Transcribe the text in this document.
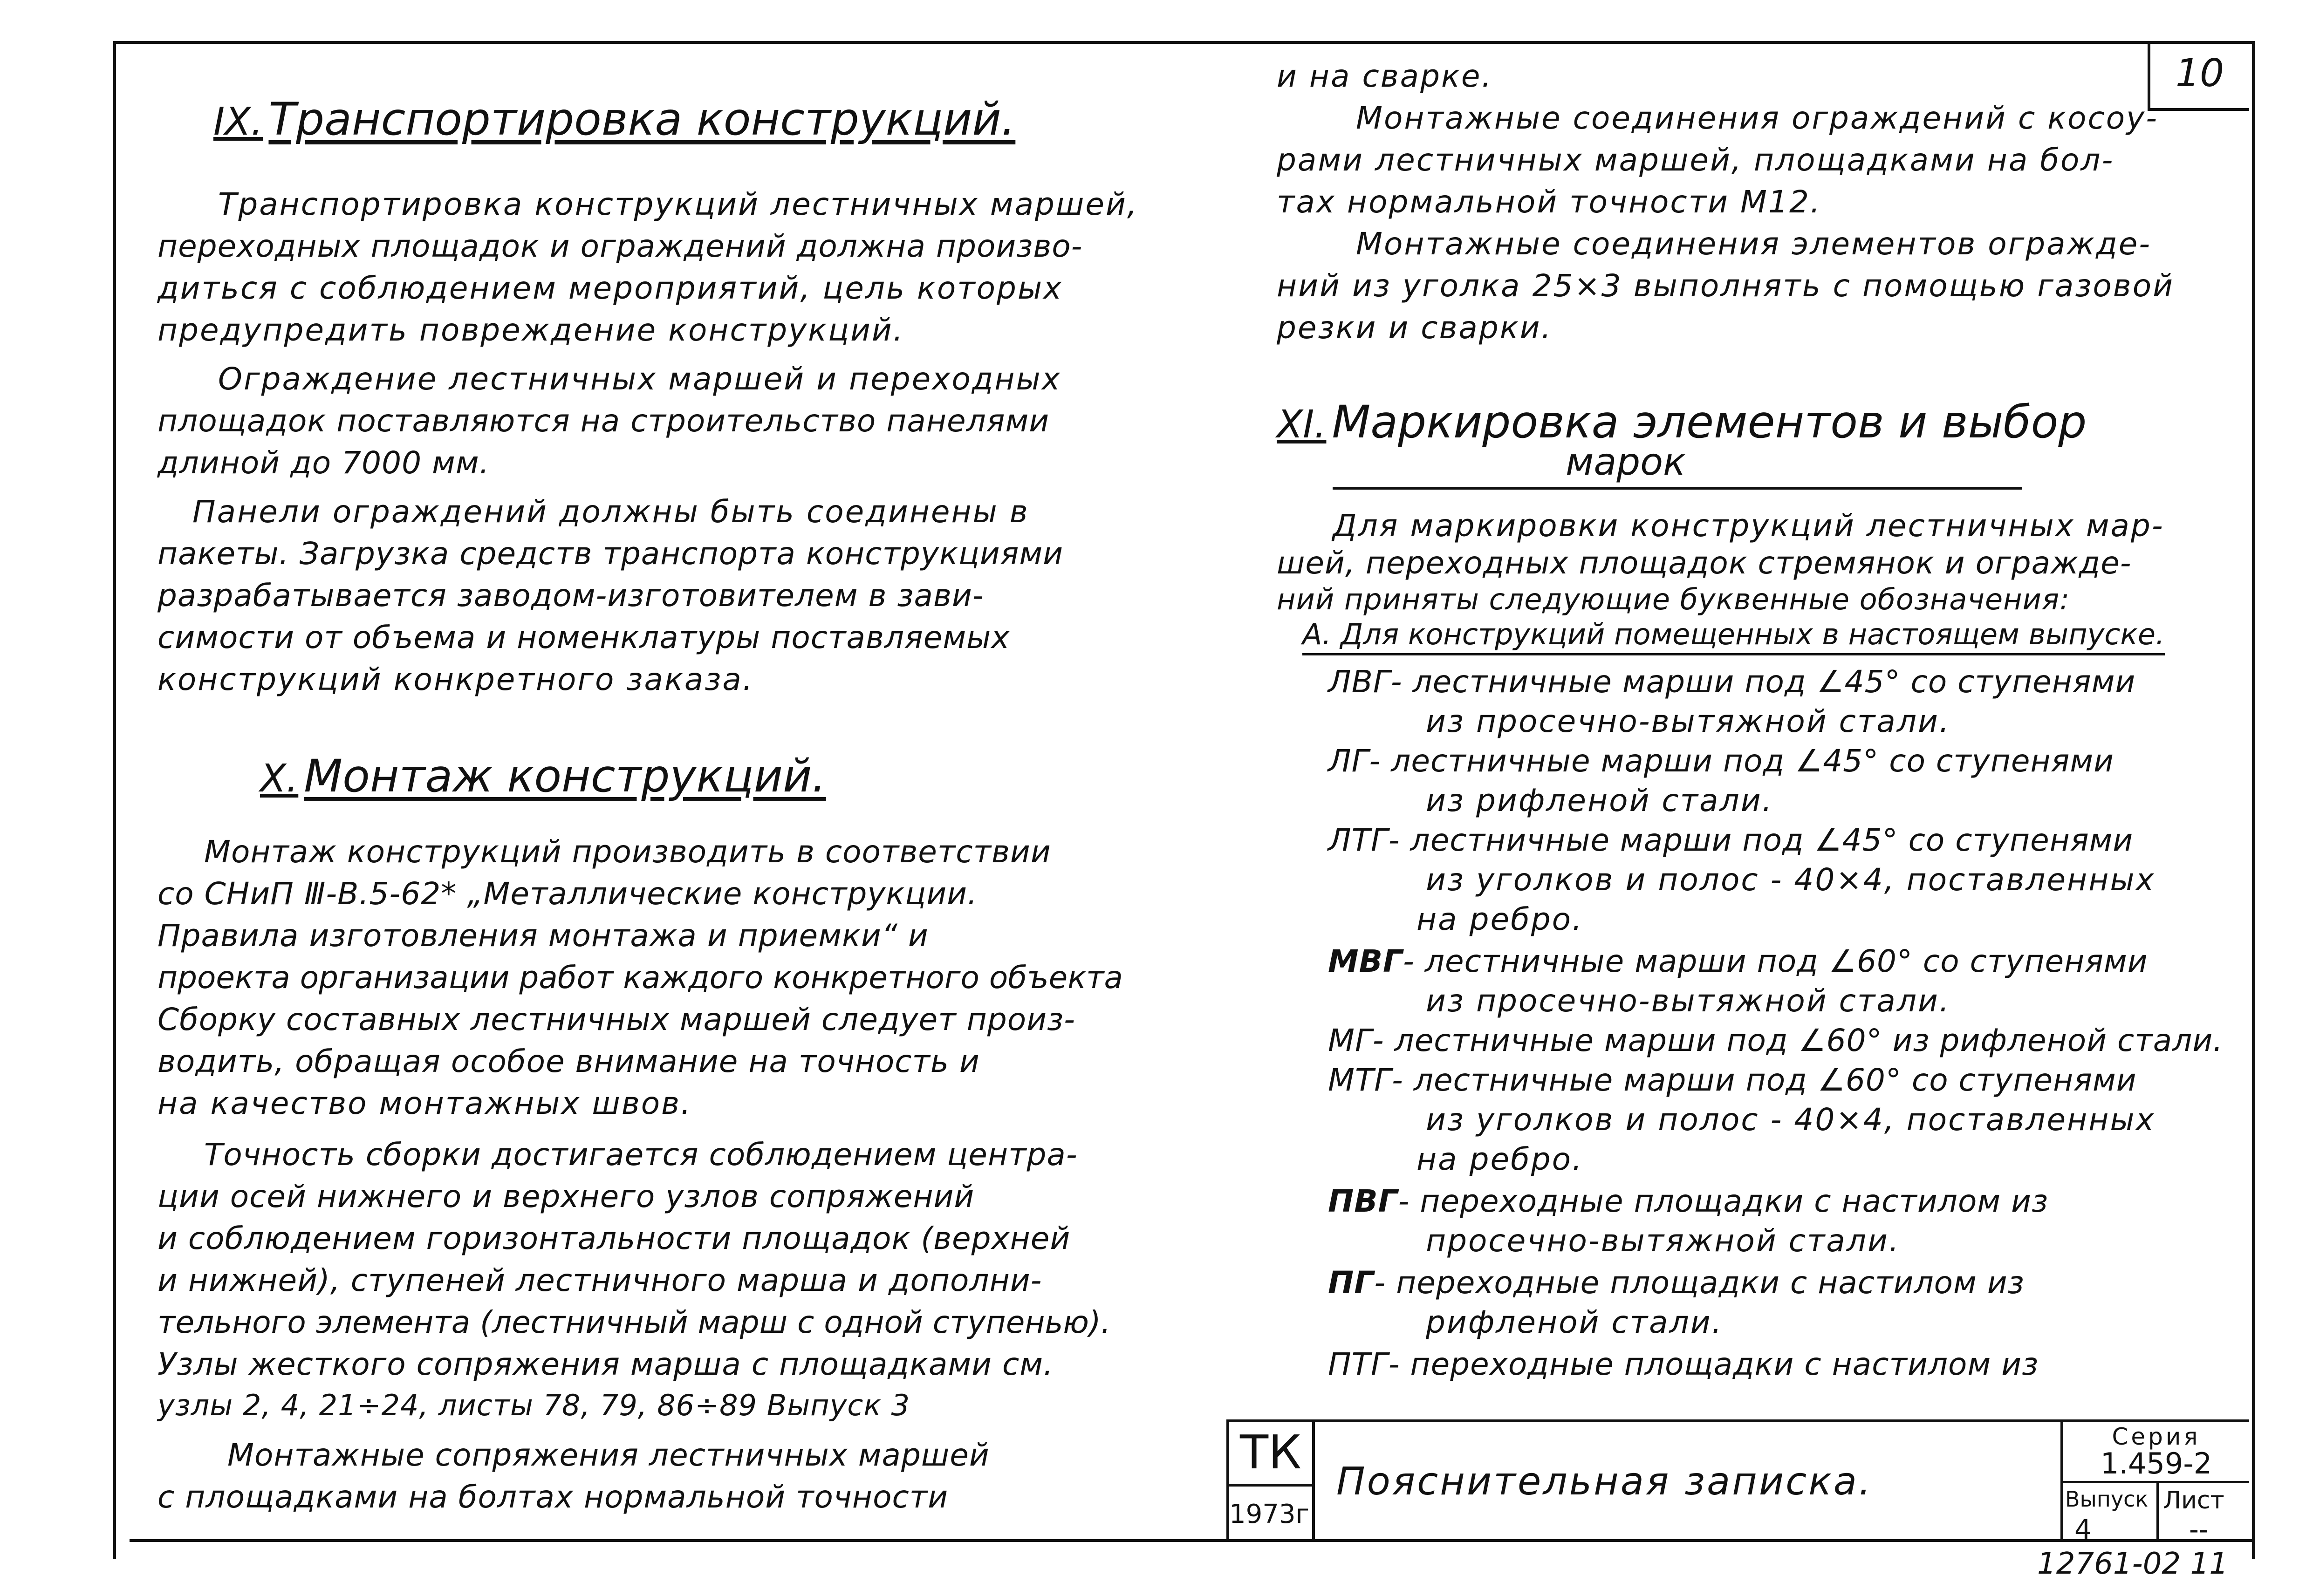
10
IX. Транспортировка конструкций.
Транспортировка конструкций лестничных маршей,
переходных площадок и ограждений должна произво-
диться с соблюдением мероприятий, цель которых
предупредить повреждение конструкций.
Ограждение лестничных маршей и переходных
площадок поставляются на строительство панелями
длиной до 7000 мм.
Панели ограждений должны быть соединены в
пакеты. Загрузка средств транспорта конструкциями
разрабатывается заводом-изготовителем в зави-
симости от объема и номенклатуры поставляемых
конструкций конкретного заказа.
X. Монтаж конструкций.
Монтаж конструкций производить в соответствии
со СНиП Ⅲ-В.5-62* „Металлические конструкции.
Правила изготовления монтажа и приемки“ и
проекта организации работ каждого конкретного объекта
Сборку составных лестничных маршей следует произ-
водить, обращая особое внимание на точность и
на качество монтажных швов.
Точность сборки достигается соблюдением центра-
ции осей нижнего и верхнего узлов сопряжений
и соблюдением горизонтальности площадок (верхней
и нижней), ступеней лестничного марша и дополни-
тельного элемента (лестничный марш с одной ступенью).
Узлы жесткого сопряжения марша с площадками см.
узлы 2, 4, 21÷24, листы 78, 79, 86÷89 Выпуск 3
Монтажные сопряжения лестничных маршей
с площадками на болтах нормальной точности
и на сварке.
Монтажные соединения ограждений с косоу-
рами лестничных маршей, площадками на бол-
тах нормальной точности М12.
Монтажные соединения элементов огражде-
ний из уголка 25×3 выполнять с помощью газовой
резки и сварки.
XI. Маркировка элементов и выбор
марок
Для маркировки конструкций лестничных мар-
шей, переходных площадок стремянок и огражде-
ний приняты следующие буквенные обозначения:
А. Для конструкций помещенных в настоящем выпуске.
ЛВГ- лестничные марши под ∠45° со ступенями
из просечно-вытяжной стали.
ЛГ- лестничные марши под ∠45° со ступенями
из рифленой стали.
ЛТГ- лестничные марши под ∠45° со ступенями
из уголков и полос - 40×4, поставленных
на ребро.
МВГ- лестничные марши под ∠60° со ступенями
из просечно-вытяжной стали.
МГ- лестничные марши под ∠60° из рифленой стали.
МТГ- лестничные марши под ∠60° со ступенями
из уголков и полос - 40×4, поставленных
на ребро.
ПВГ- переходные площадки с настилом из
просечно-вытяжной стали.
ПГ- переходные площадки с настилом из
рифленой стали.
ПТГ- переходные площадки с настилом из
ТК
1973г.
Пояснительная записка.
Серия
1.459-2
Выпуск Лист
4	--
12761-02 11
